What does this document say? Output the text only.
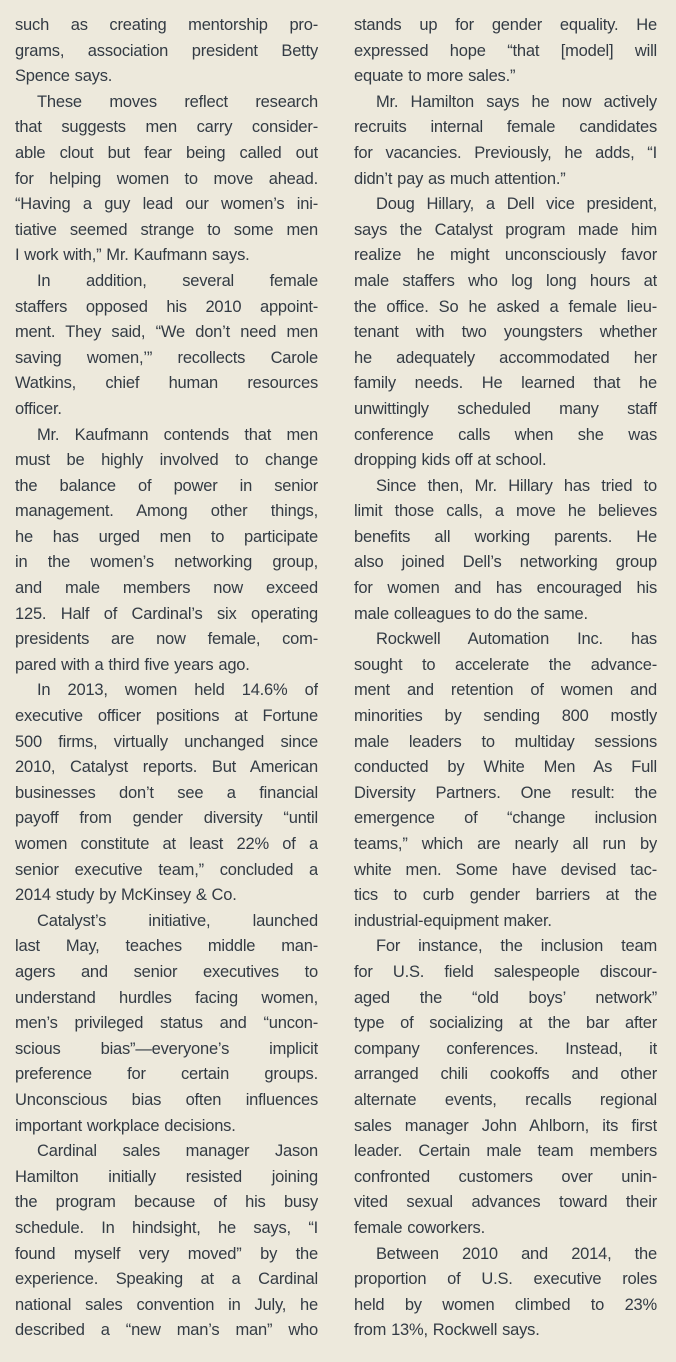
such as creating mentorship pro-
grams, association president Betty
Spence says.
These moves reflect research
that suggests men carry consider-
able clout but fear being called out
for helping women to move ahead.
“Having a guy lead our women’s ini-
tiative seemed strange to some men
I work with,” Mr. Kaufmann says.
In addition, several female
staffers opposed his 2010 appoint-
ment. They said, “We don’t need men
saving women,’” recollects Carole
Watkins, chief human resources
officer.
Mr. Kaufmann contends that men
must be highly involved to change
the balance of power in senior
management. Among other things,
he has urged men to participate
in the women’s networking group,
and male members now exceed
125. Half of Cardinal’s six operating
presidents are now female, com-
pared with a third five years ago.
In 2013, women held 14.6% of
executive officer positions at Fortune
500 firms, virtually unchanged since
2010, Catalyst reports. But American
businesses don’t see a financial
payoff from gender diversity “until
women constitute at least 22% of a
senior executive team,” concluded a
2014 study by McKinsey & Co.
Catalyst’s initiative, launched
last May, teaches middle man-
agers and senior executives to
understand hurdles facing women,
men’s privileged status and “uncon-
scious bias”—everyone’s implicit
preference for certain groups.
Unconscious bias often influences
important workplace decisions.
Cardinal sales manager Jason
Hamilton initially resisted joining
the program because of his busy
schedule. In hindsight, he says, “I
found myself very moved” by the
experience. Speaking at a Cardinal
national sales convention in July, he
described a “new man’s man” who
stands up for gender equality. He
expressed hope “that [model] will
equate to more sales.”
Mr. Hamilton says he now actively
recruits internal female candidates
for vacancies. Previously, he adds, “I
didn’t pay as much attention.”
Doug Hillary, a Dell vice president,
says the Catalyst program made him
realize he might unconsciously favor
male staffers who log long hours at
the office. So he asked a female lieu-
tenant with two youngsters whether
he adequately accommodated her
family needs. He learned that he
unwittingly scheduled many staff
conference calls when she was
dropping kids off at school.
Since then, Mr. Hillary has tried to
limit those calls, a move he believes
benefits all working parents. He
also joined Dell’s networking group
for women and has encouraged his
male colleagues to do the same.
Rockwell Automation Inc. has
sought to accelerate the advance-
ment and retention of women and
minorities by sending 800 mostly
male leaders to multiday sessions
conducted by White Men As Full
Diversity Partners. One result: the
emergence of “change inclusion
teams,” which are nearly all run by
white men. Some have devised tac-
tics to curb gender barriers at the
industrial-equipment maker.
For instance, the inclusion team
for U.S. field salespeople discour-
aged the “old boys’ network”
type of socializing at the bar after
company conferences. Instead, it
arranged chili cookoffs and other
alternate events, recalls regional
sales manager John Ahlborn, its first
leader. Certain male team members
confronted customers over unin-
vited sexual advances toward their
female coworkers.
Between 2010 and 2014, the
proportion of U.S. executive roles
held by women climbed to 23%
from 13%, Rockwell says.
